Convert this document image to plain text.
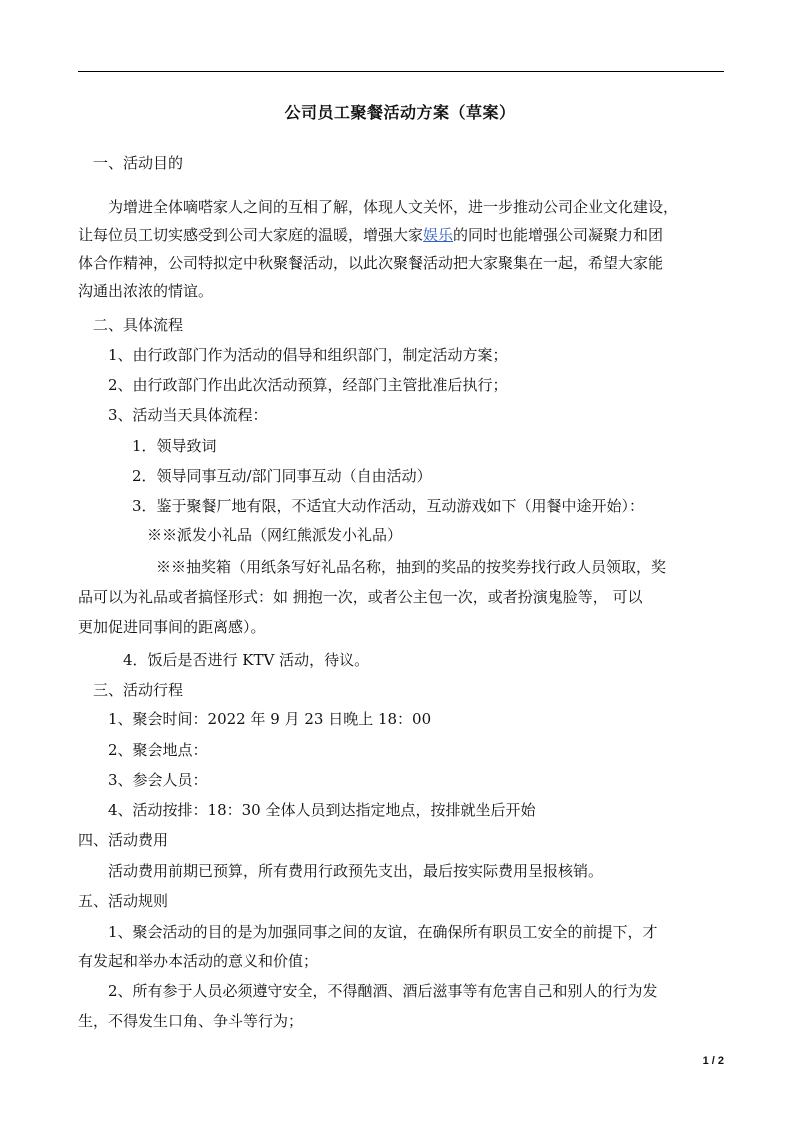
公司员工聚餐活动方案（草案）
一、活动目的
为增进全体嘀嗒家人之间的互相了解，体现人文关怀，进一步推动公司企业文化建设，
让每位员工切实感受到公司大家庭的温暖，增强大家娱乐的同时也能增强公司凝聚力和团
体合作精神，公司特拟定中秋聚餐活动，以此次聚餐活动把大家聚集在一起，希望大家能
沟通出浓浓的情谊。
二、具体流程
1、由行政部门作为活动的倡导和组织部门，制定活动方案；
2、由行政部门作出此次活动预算，经部门主管批准后执行；
3、活动当天具体流程：
1．领导致词
2．领导同事互动/部门同事互动（自由活动）
3．鉴于聚餐厂地有限，不适宜大动作活动，互动游戏如下（用餐中途开始）：
※※派发小礼品（网红熊派发小礼品）
※※抽奖箱（用纸条写好礼品名称，抽到的奖品的按奖券找行政人员领取，奖
品可以为礼品或者搞怪形式：如 拥抱一次，或者公主包一次，或者扮演鬼脸等， 可以
更加促进同事间的距离感）。
4．饭后是否进行 KTV 活动，待议。
三、活动行程
1、聚会时间：2022 年 9 月 23 日晚上 18：00
2、聚会地点：
3、参会人员：
4、活动按排：18：30 全体人员到达指定地点，按排就坐后开始
四、活动费用
活动费用前期已预算，所有费用行政预先支出，最后按实际费用呈报核销。
五、活动规则
1、聚会活动的目的是为加强同事之间的友谊，在确保所有职员工安全的前提下，才
有发起和举办本活动的意义和价值；
2、所有参于人员必须遵守安全，不得酗酒、酒后滋事等有危害自己和别人的行为发
生，不得发生口角、争斗等行为；
1 / 2
